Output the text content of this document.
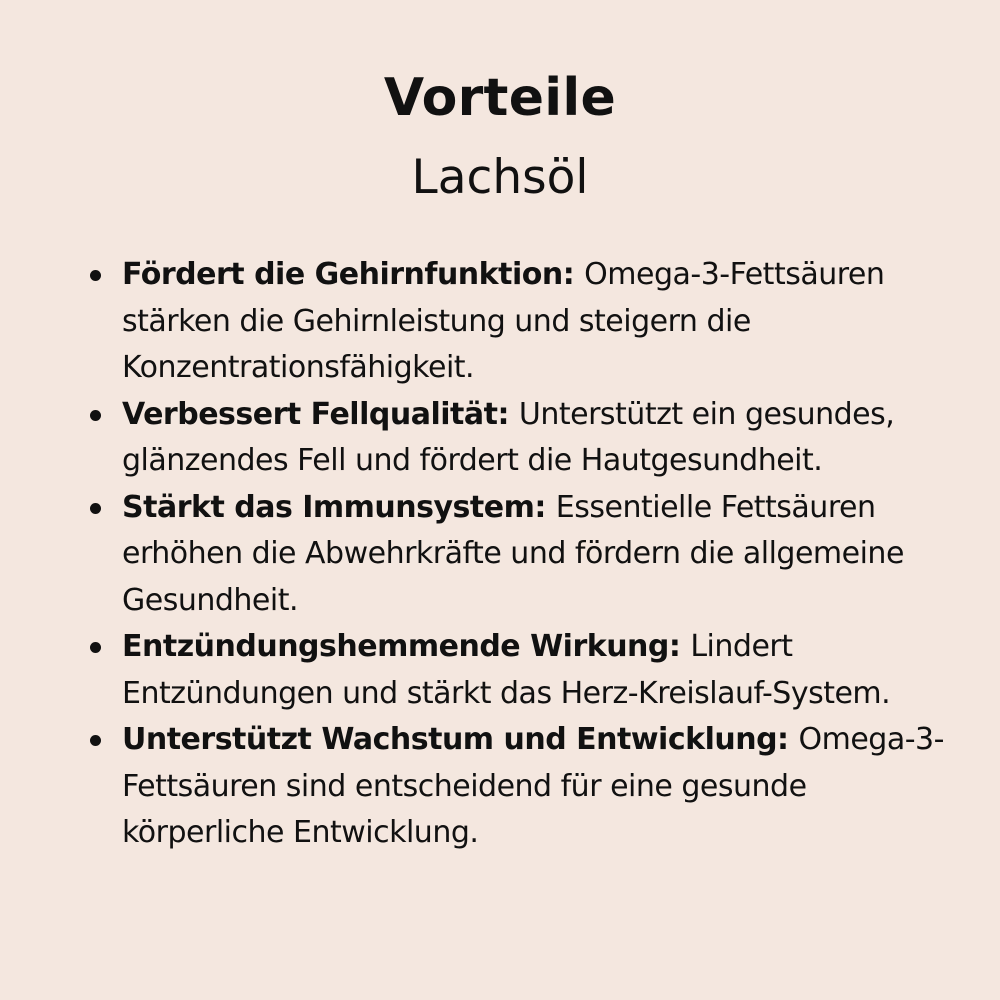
Vorteile
Lachsöl
Fördert die Gehirnfunktion: Omega-3-Fettsäuren stärken die Gehirnleistung und steigern die Konzentrationsfähigkeit.
Verbessert Fellqualität: Unterstützt ein gesundes, glänzendes Fell und fördert die Hautgesundheit.
Stärkt das Immunsystem: Essentielle Fettsäuren erhöhen die Abwehrkräfte und fördern die allgemeine Gesundheit.
Entzündungshemmende Wirkung: Lindert Entzündungen und stärkt das Herz-Kreislauf-System.
Unterstützt Wachstum und Entwicklung: Omega-3-Fettsäuren sind entscheidend für eine gesunde körperliche Entwicklung.
